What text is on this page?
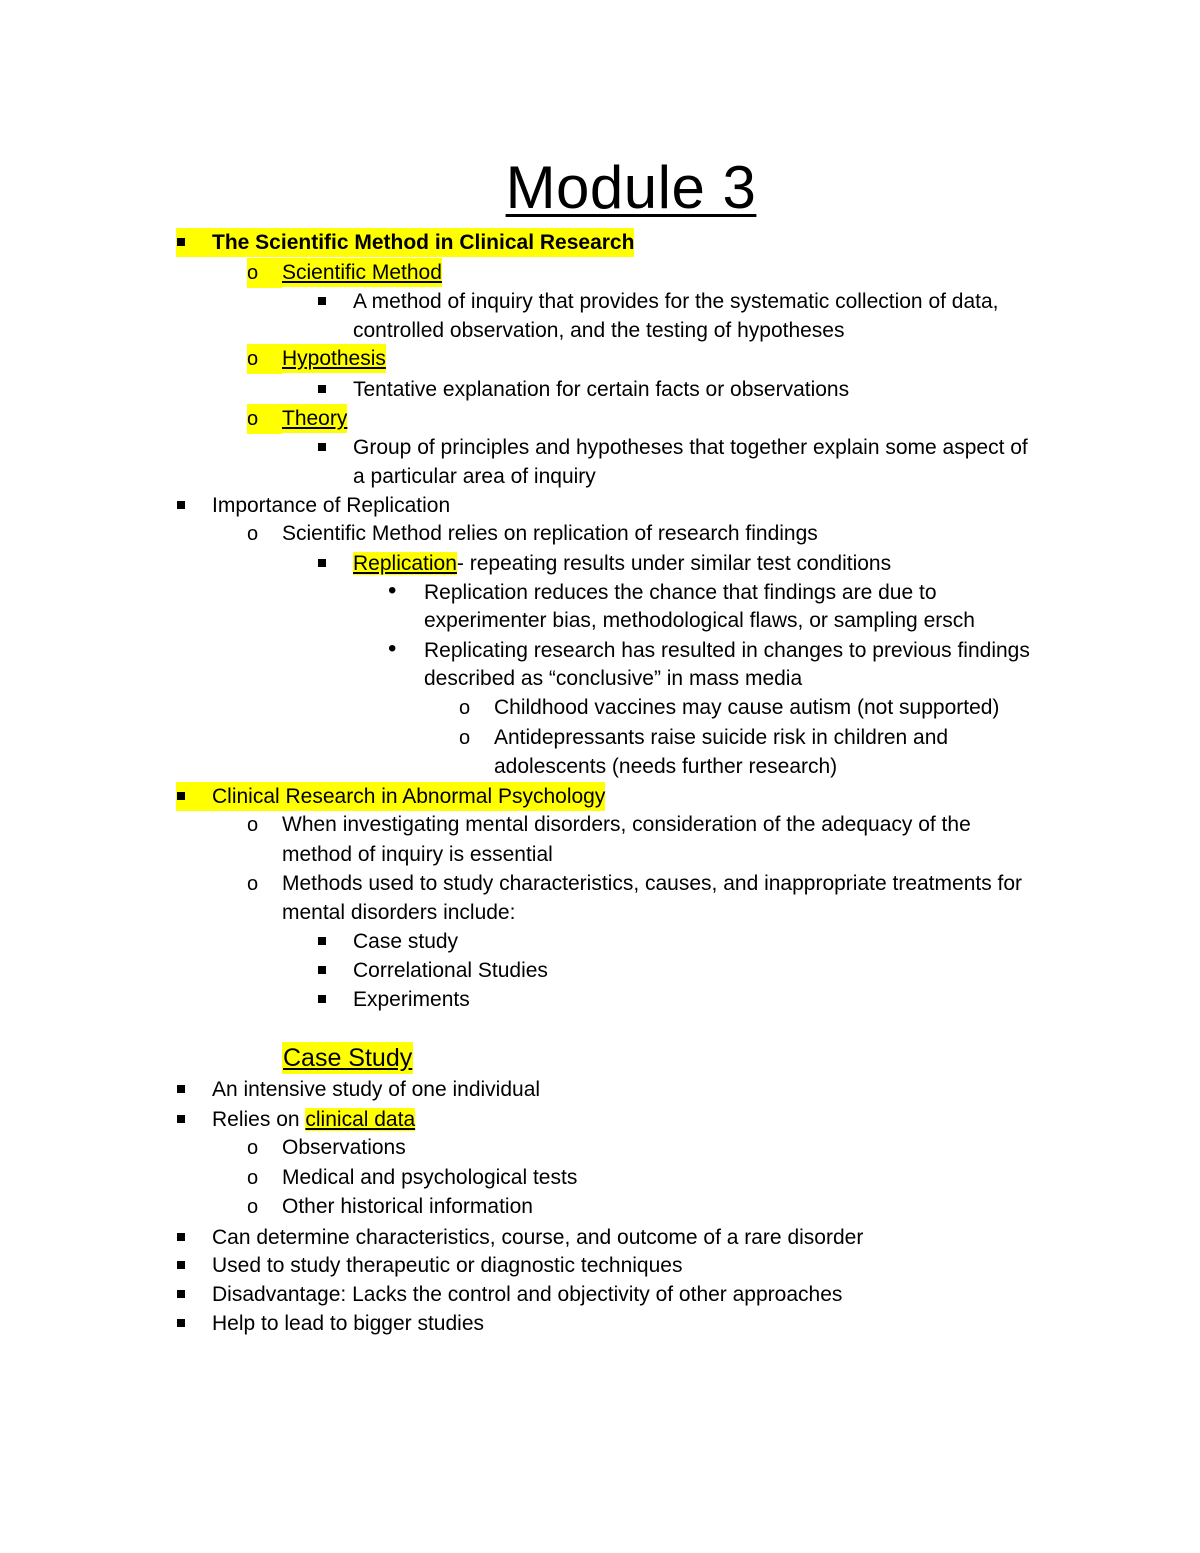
Module 3
The Scientific Method in Clinical Research
o	Scientific Method
A method of inquiry that provides for the systematic collection of data,
controlled observation, and the testing of hypotheses
o	Hypothesis
Tentative explanation for certain facts or observations
o	Theory
Group of principles and hypotheses that together explain some aspect of
a particular area of inquiry
Importance of Replication
o Scientific Method relies on replication of research findings
Replication- repeating results under similar test conditions
• Replication reduces the chance that findings are due to
experimenter bias, methodological flaws, or sampling ersch
• Replicating research has resulted in changes to previous findings
described as “conclusive” in mass media
o Childhood vaccines may cause autism (not supported)
o Antidepressants raise suicide risk in children and
adolescents (needs further research)
Clinical Research in Abnormal Psychology
o When investigating mental disorders, consideration of the adequacy of the
method of inquiry is essential
o Methods used to study characteristics, causes, and inappropriate treatments for
mental disorders include:
Case study
Correlational Studies
Experiments
Case Study
An intensive study of one individual
Relies on clinical data
o Observations
o Medical and psychological tests
o Other historical information
Can determine characteristics, course, and outcome of a rare disorder
Used to study therapeutic or diagnostic techniques
Disadvantage: Lacks the control and objectivity of other approaches
Help to lead to bigger studies
